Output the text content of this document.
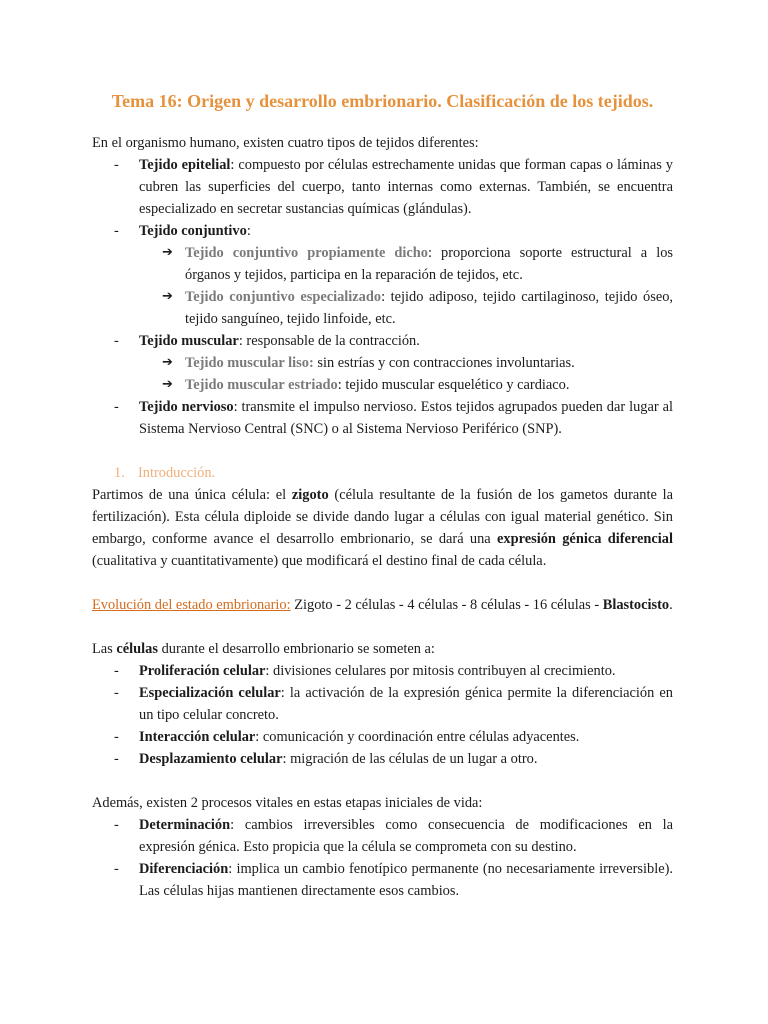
Tema 16: Origen y desarrollo embrionario. Clasificación de los tejidos.

En el organismo humano, existen cuatro tipos de tejidos diferentes:

- Tejido epitelial: compuesto por células estrechamente unidas que forman capas o láminas y cubren las superficies del cuerpo, tanto internas como externas. También, se encuentra especializado en secretar sustancias químicas (glándulas).
- Tejido conjuntivo:
➔ Tejido conjuntivo propiamente dicho: proporciona soporte estructural a los órganos y tejidos, participa en la reparación de tejidos, etc.
➔ Tejido conjuntivo especializado: tejido adiposo, tejido cartilaginoso, tejido óseo, tejido sanguíneo, tejido linfoide, etc.
- Tejido muscular: responsable de la contracción.
➔ Tejido muscular liso: sin estrías y con contracciones involuntarias.
➔ Tejido muscular estriado: tejido muscular esquelético y cardiaco.
- Tejido nervioso: transmite el impulso nervioso. Estos tejidos agrupados pueden dar lugar al Sistema Nervioso Central (SNC) o al Sistema Nervioso Periférico (SNP).
1. Introducción.

Partimos de una única célula: el zigoto (célula resultante de la fusión de los gametos durante la fertilización). Esta célula diploide se divide dando lugar a células con igual material genético. Sin embargo, conforme avance el desarrollo embrionario, se dará una expresión génica diferencial (cualitativa y cuantitativamente) que modificará el destino final de cada célula.

Evolución del estado embrionario: Zigoto - 2 células - 4 células - 8 células - 16 células - Blastocisto.

Las células durante el desarrollo embrionario se someten a:

- Proliferación celular: divisiones celulares por mitosis contribuyen al crecimiento.
- Especialización celular: la activación de la expresión génica permite la diferenciación en un tipo celular concreto.
- Interacción celular: comunicación y coordinación entre células adyacentes.
- Desplazamiento celular: migración de las células de un lugar a otro.

Además, existen 2 procesos vitales en estas etapas iniciales de vida:

- Determinación: cambios irreversibles como consecuencia de modificaciones en la expresión génica. Esto propicia que la célula se comprometa con su destino.
- Diferenciación: implica un cambio fenotípico permanente (no necesariamente irreversible). Las células hijas mantienen directamente esos cambios.
